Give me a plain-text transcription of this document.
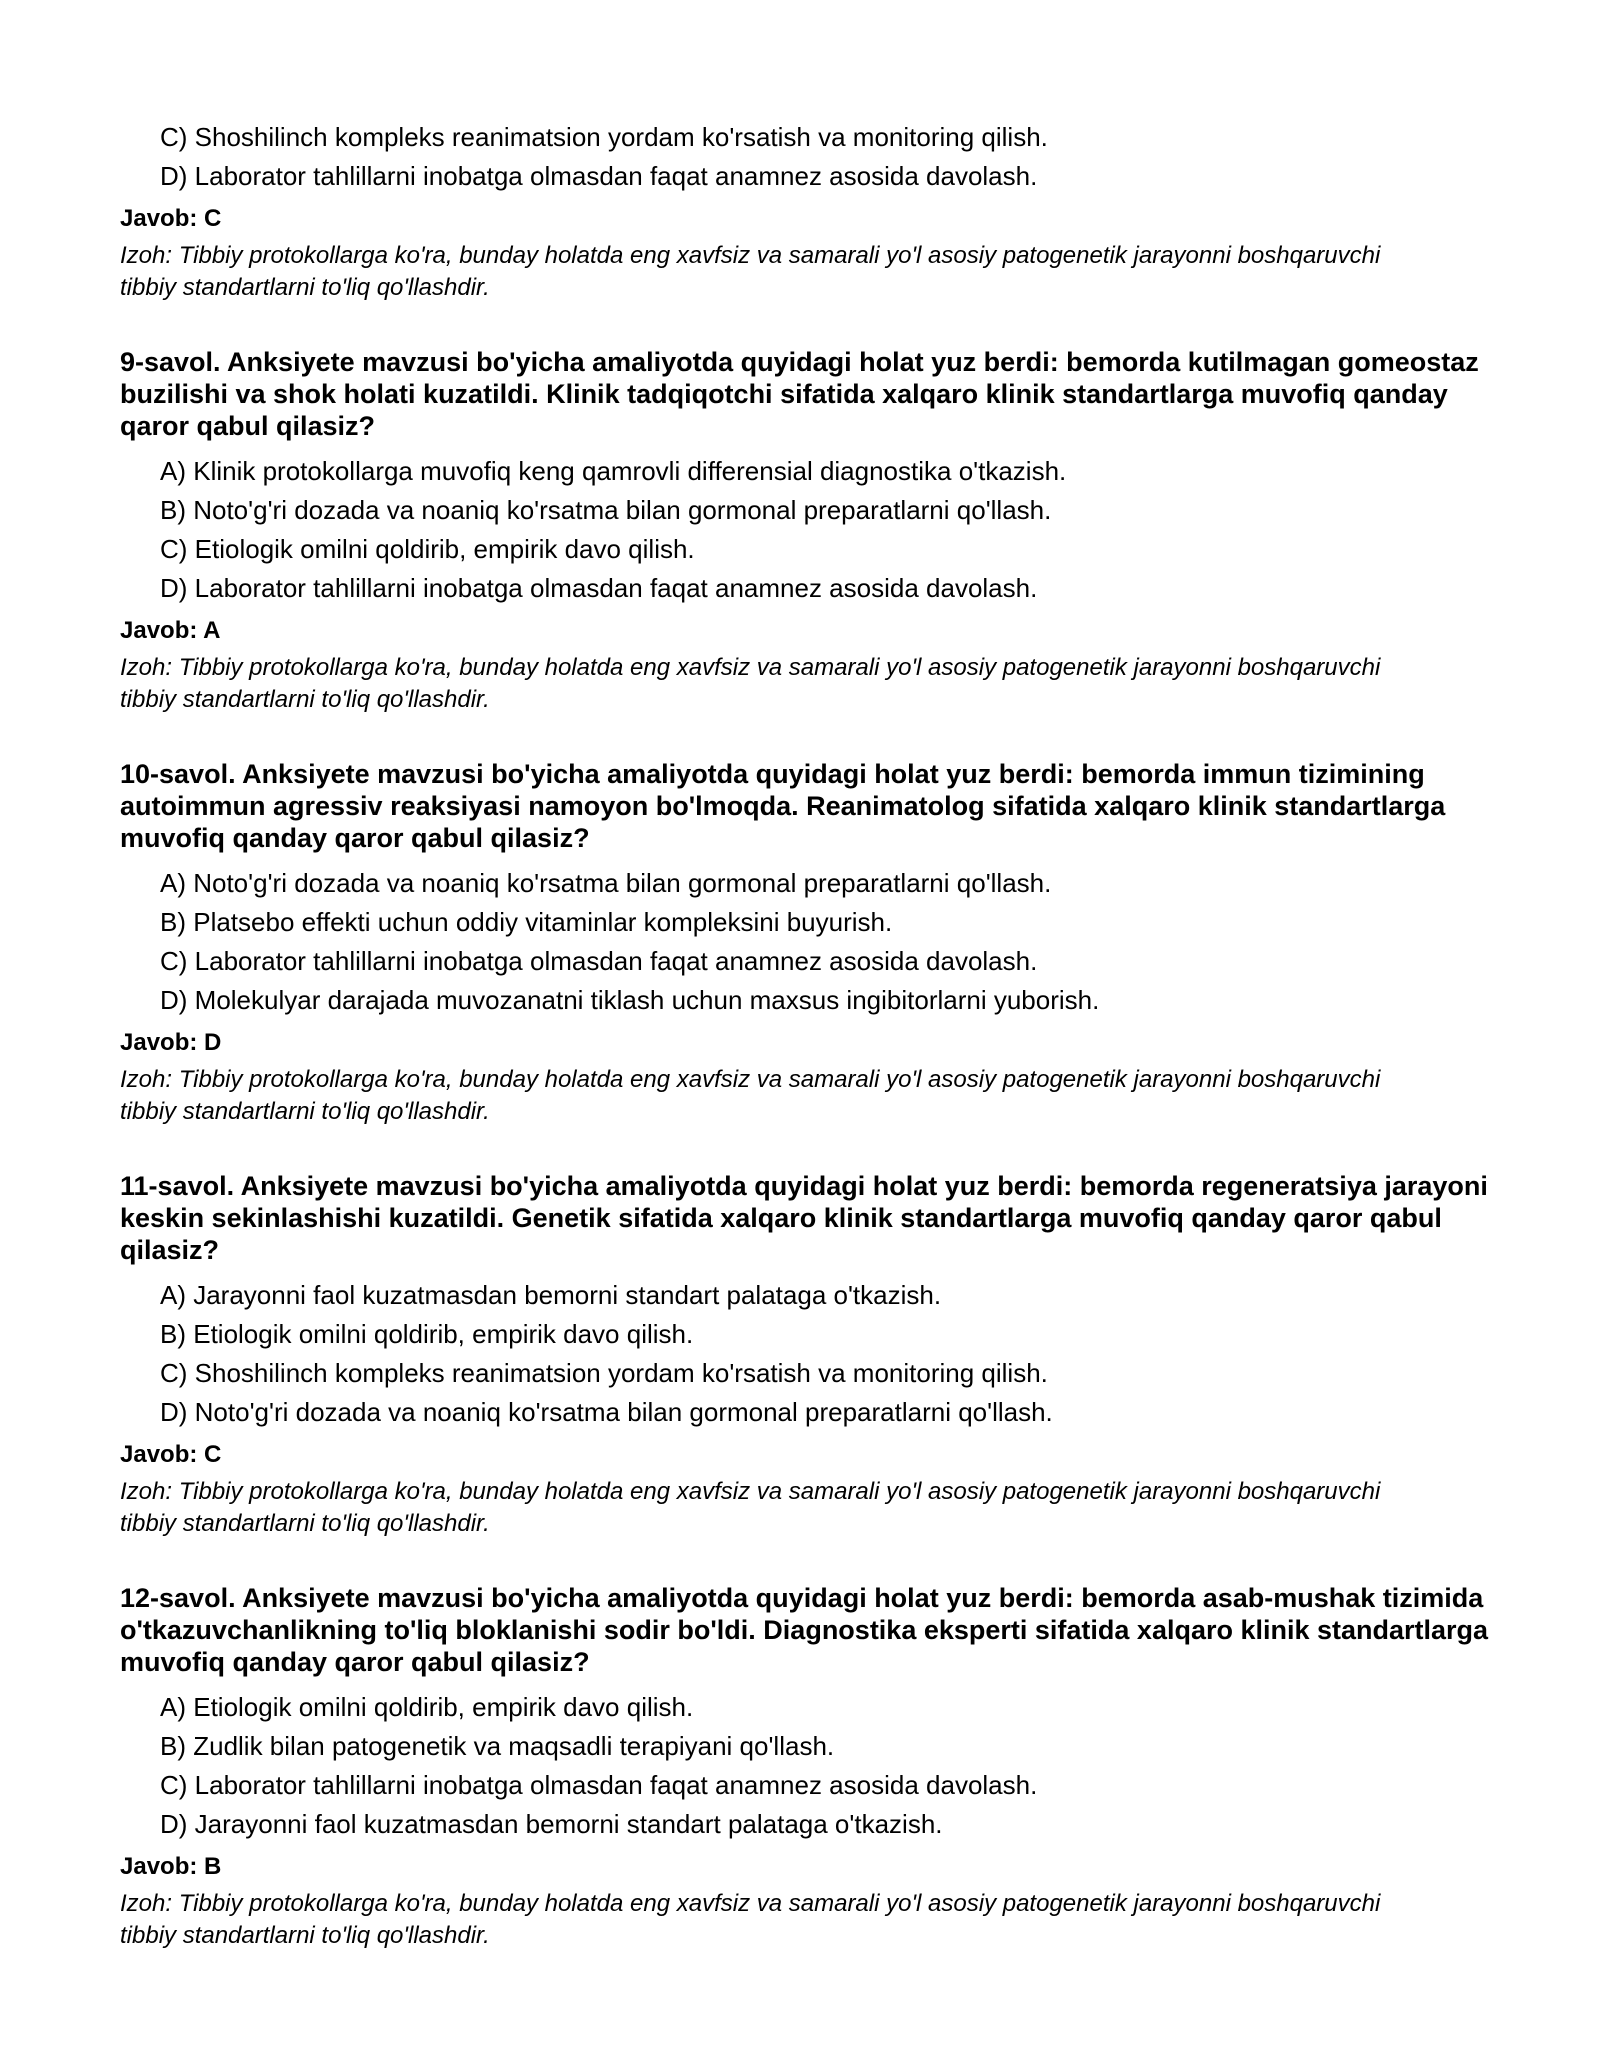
C) Shoshilinch kompleks reanimatsion yordam ko'rsatish va monitoring qilish.
D) Laborator tahlillarni inobatga olmasdan faqat anamnez asosida davolash.
Javob: C
Izoh: Tibbiy protokollarga ko'ra, bunday holatda eng xavfsiz va samarali yo'l asosiy patogenetik jarayonni boshqaruvchi tibbiy standartlarni to'liq qo'llashdir.
9-savol. Anksiyete mavzusi bo'yicha amaliyotda quyidagi holat yuz berdi: bemorda kutilmagan gomeostaz buzilishi va shok holati kuzatildi. Klinik tadqiqotchi sifatida xalqaro klinik standartlarga muvofiq qanday qaror qabul qilasiz?
A) Klinik protokollarga muvofiq keng qamrovli differensial diagnostika o'tkazish.
B) Noto'g'ri dozada va noaniq ko'rsatma bilan gormonal preparatlarni qo'llash.
C) Etiologik omilni qoldirib, empirik davo qilish.
D) Laborator tahlillarni inobatga olmasdan faqat anamnez asosida davolash.
Javob: A
Izoh: Tibbiy protokollarga ko'ra, bunday holatda eng xavfsiz va samarali yo'l asosiy patogenetik jarayonni boshqaruvchi tibbiy standartlarni to'liq qo'llashdir.
10-savol. Anksiyete mavzusi bo'yicha amaliyotda quyidagi holat yuz berdi: bemorda immun tizimining autoimmun agressiv reaksiyasi namoyon bo'lmoqda. Reanimatolog sifatida xalqaro klinik standartlarga muvofiq qanday qaror qabul qilasiz?
A) Noto'g'ri dozada va noaniq ko'rsatma bilan gormonal preparatlarni qo'llash.
B) Platsebo effekti uchun oddiy vitaminlar kompleksini buyurish.
C) Laborator tahlillarni inobatga olmasdan faqat anamnez asosida davolash.
D) Molekulyar darajada muvozanatni tiklash uchun maxsus ingibitorlarni yuborish.
Javob: D
Izoh: Tibbiy protokollarga ko'ra, bunday holatda eng xavfsiz va samarali yo'l asosiy patogenetik jarayonni boshqaruvchi tibbiy standartlarni to'liq qo'llashdir.
11-savol. Anksiyete mavzusi bo'yicha amaliyotda quyidagi holat yuz berdi: bemorda regeneratsiya jarayoni keskin sekinlashishi kuzatildi. Genetik sifatida xalqaro klinik standartlarga muvofiq qanday qaror qabul qilasiz?
A) Jarayonni faol kuzatmasdan bemorni standart palataga o'tkazish.
B) Etiologik omilni qoldirib, empirik davo qilish.
C) Shoshilinch kompleks reanimatsion yordam ko'rsatish va monitoring qilish.
D) Noto'g'ri dozada va noaniq ko'rsatma bilan gormonal preparatlarni qo'llash.
Javob: C
Izoh: Tibbiy protokollarga ko'ra, bunday holatda eng xavfsiz va samarali yo'l asosiy patogenetik jarayonni boshqaruvchi tibbiy standartlarni to'liq qo'llashdir.
12-savol. Anksiyete mavzusi bo'yicha amaliyotda quyidagi holat yuz berdi: bemorda asab-mushak tizimida o'tkazuvchanlikning to'liq bloklanishi sodir bo'ldi. Diagnostika eksperti sifatida xalqaro klinik standartlarga muvofiq qanday qaror qabul qilasiz?
A) Etiologik omilni qoldirib, empirik davo qilish.
B) Zudlik bilan patogenetik va maqsadli terapiyani qo'llash.
C) Laborator tahlillarni inobatga olmasdan faqat anamnez asosida davolash.
D) Jarayonni faol kuzatmasdan bemorni standart palataga o'tkazish.
Javob: B
Izoh: Tibbiy protokollarga ko'ra, bunday holatda eng xavfsiz va samarali yo'l asosiy patogenetik jarayonni boshqaruvchi tibbiy standartlarni to'liq qo'llashdir.
